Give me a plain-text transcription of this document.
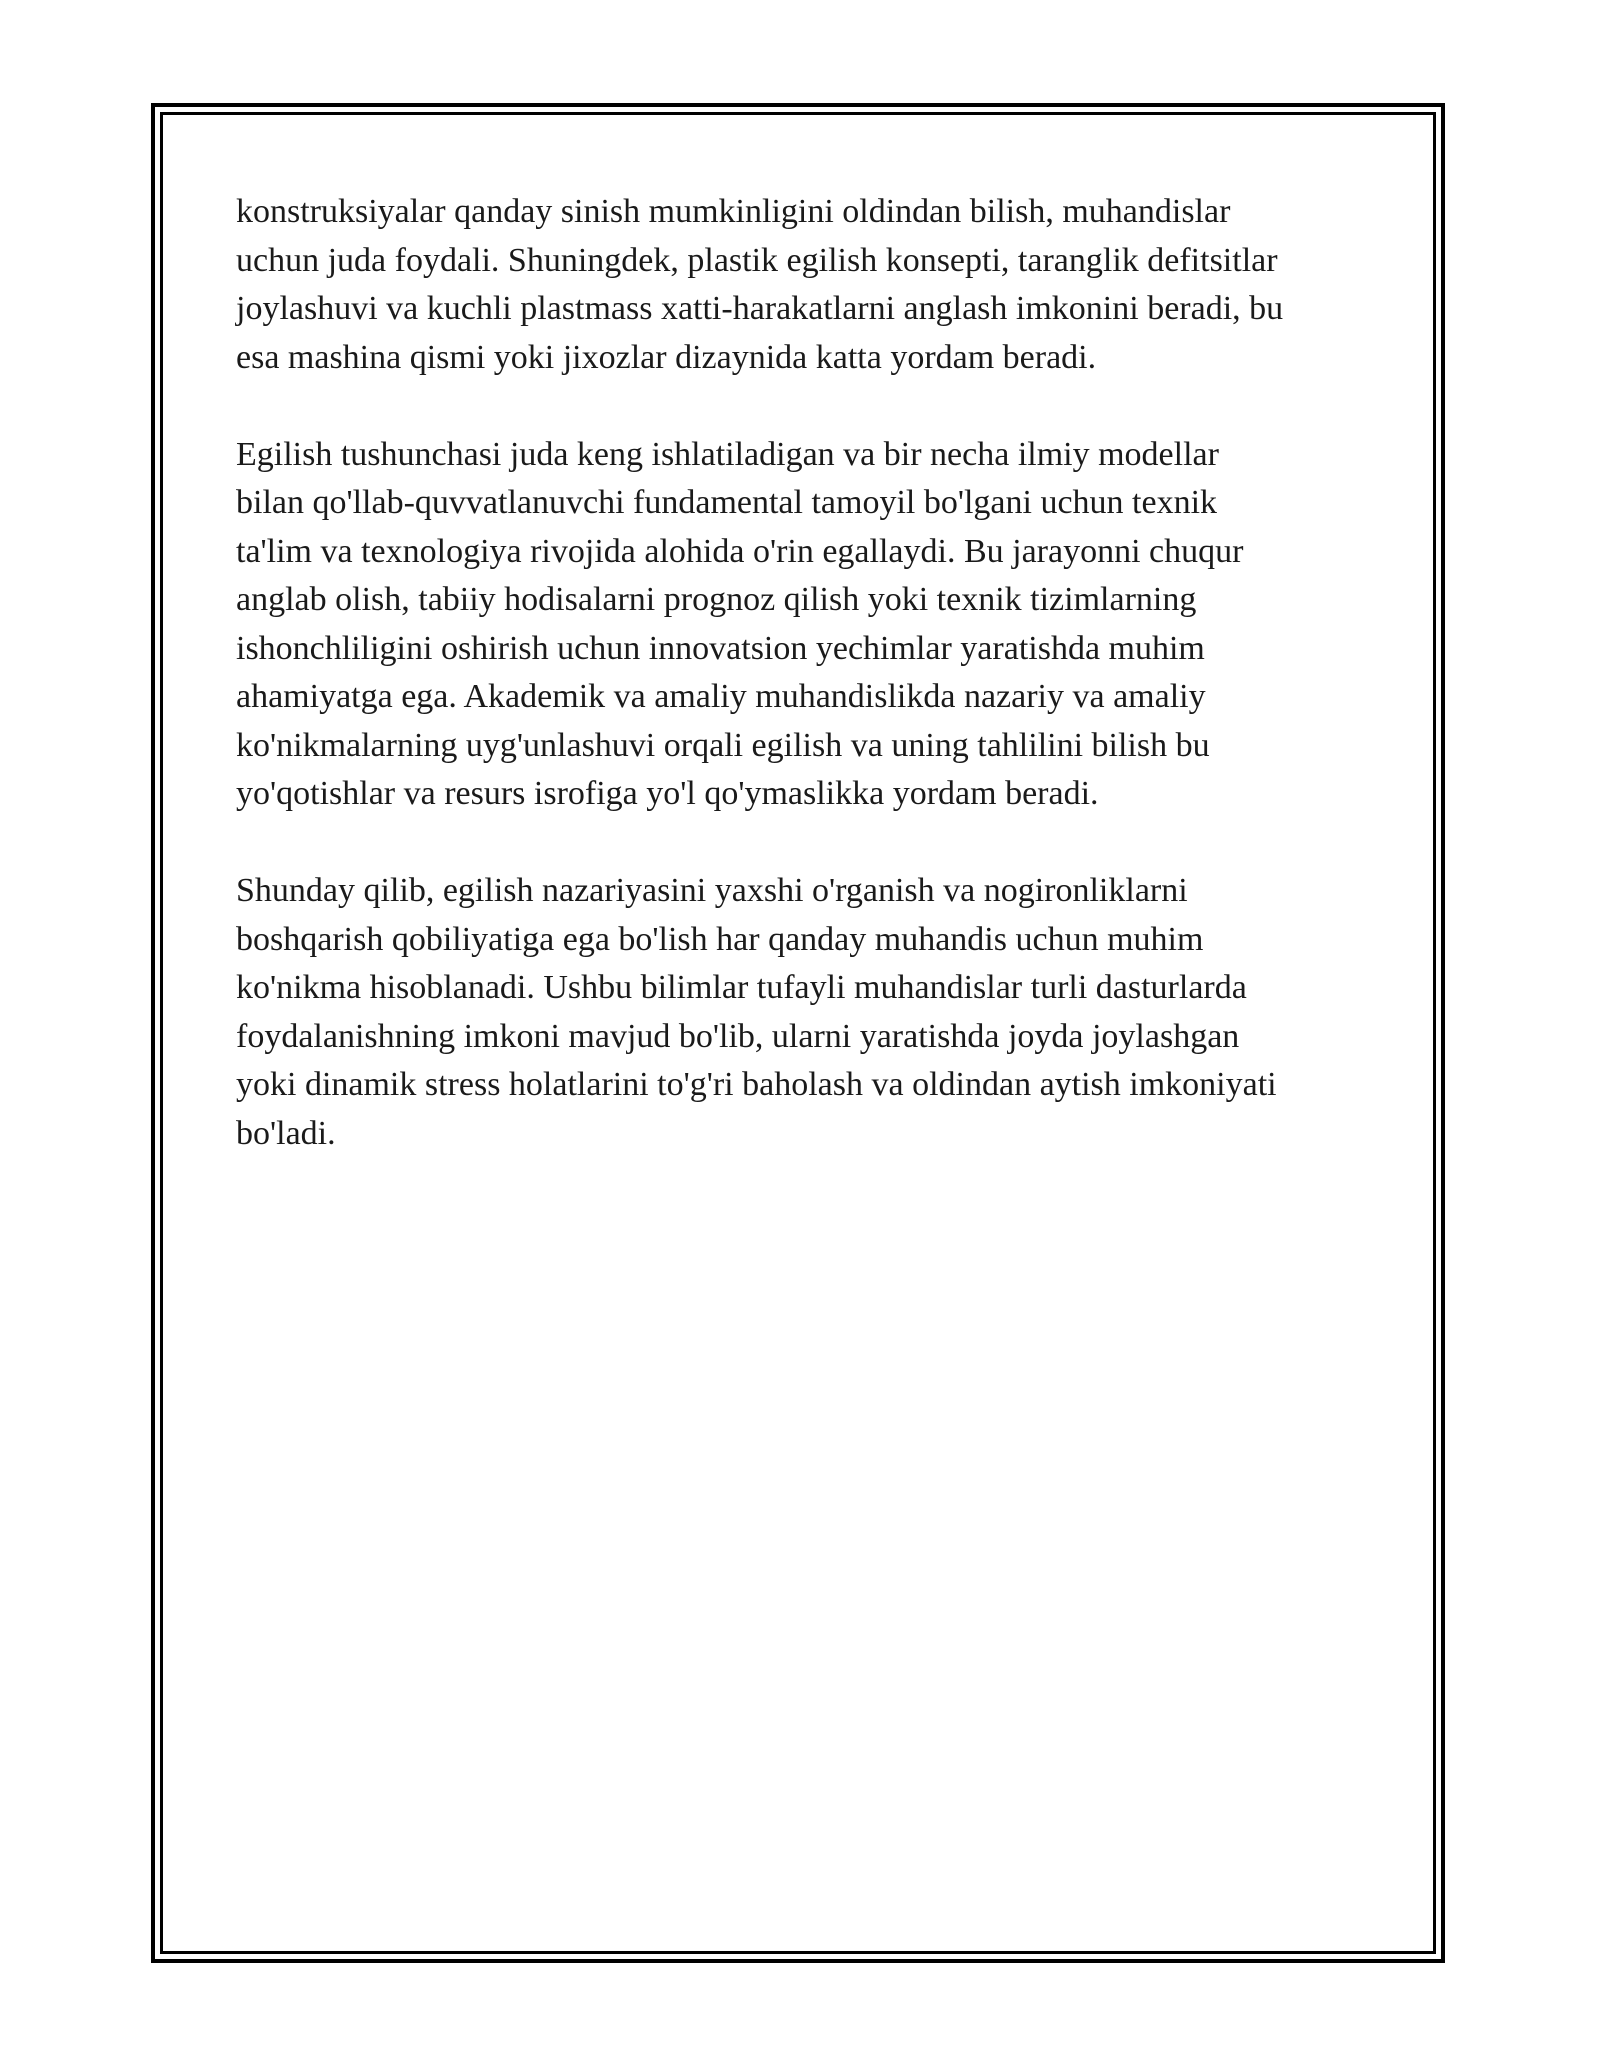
konstruksiyalar qanday sinish mumkinligini oldindan bilish, muhandislar
uchun juda foydali. Shuningdek, plastik egilish konsepti, taranglik defitsitlar
joylashuvi va kuchli plastmass xatti-harakatlarni anglash imkonini beradi, bu
esa mashina qismi yoki jixozlar dizaynida katta yordam beradi.

Egilish tushunchasi juda keng ishlatiladigan va bir necha ilmiy modellar
bilan qo'llab-quvvatlanuvchi fundamental tamoyil bo'lgani uchun texnik
ta'lim va texnologiya rivojida alohida o'rin egallaydi. Bu jarayonni chuqur
anglab olish, tabiiy hodisalarni prognoz qilish yoki texnik tizimlarning
ishonchliligini oshirish uchun innovatsion yechimlar yaratishda muhim
ahamiyatga ega. Akademik va amaliy muhandislikda nazariy va amaliy
ko'nikmalarning uyg'unlashuvi orqali egilish va uning tahlilini bilish bu
yo'qotishlar va resurs isrofiga yo'l qo'ymaslikka yordam beradi.

Shunday qilib, egilish nazariyasini yaxshi o'rganish va nogironliklarni
boshqarish qobiliyatiga ega bo'lish har qanday muhandis uchun muhim
ko'nikma hisoblanadi. Ushbu bilimlar tufayli muhandislar turli dasturlarda
foydalanishning imkoni mavjud bo'lib, ularni yaratishda joyda joylashgan
yoki dinamik stress holatlarini to'g'ri baholash va oldindan aytish imkoniyati
bo'ladi.
